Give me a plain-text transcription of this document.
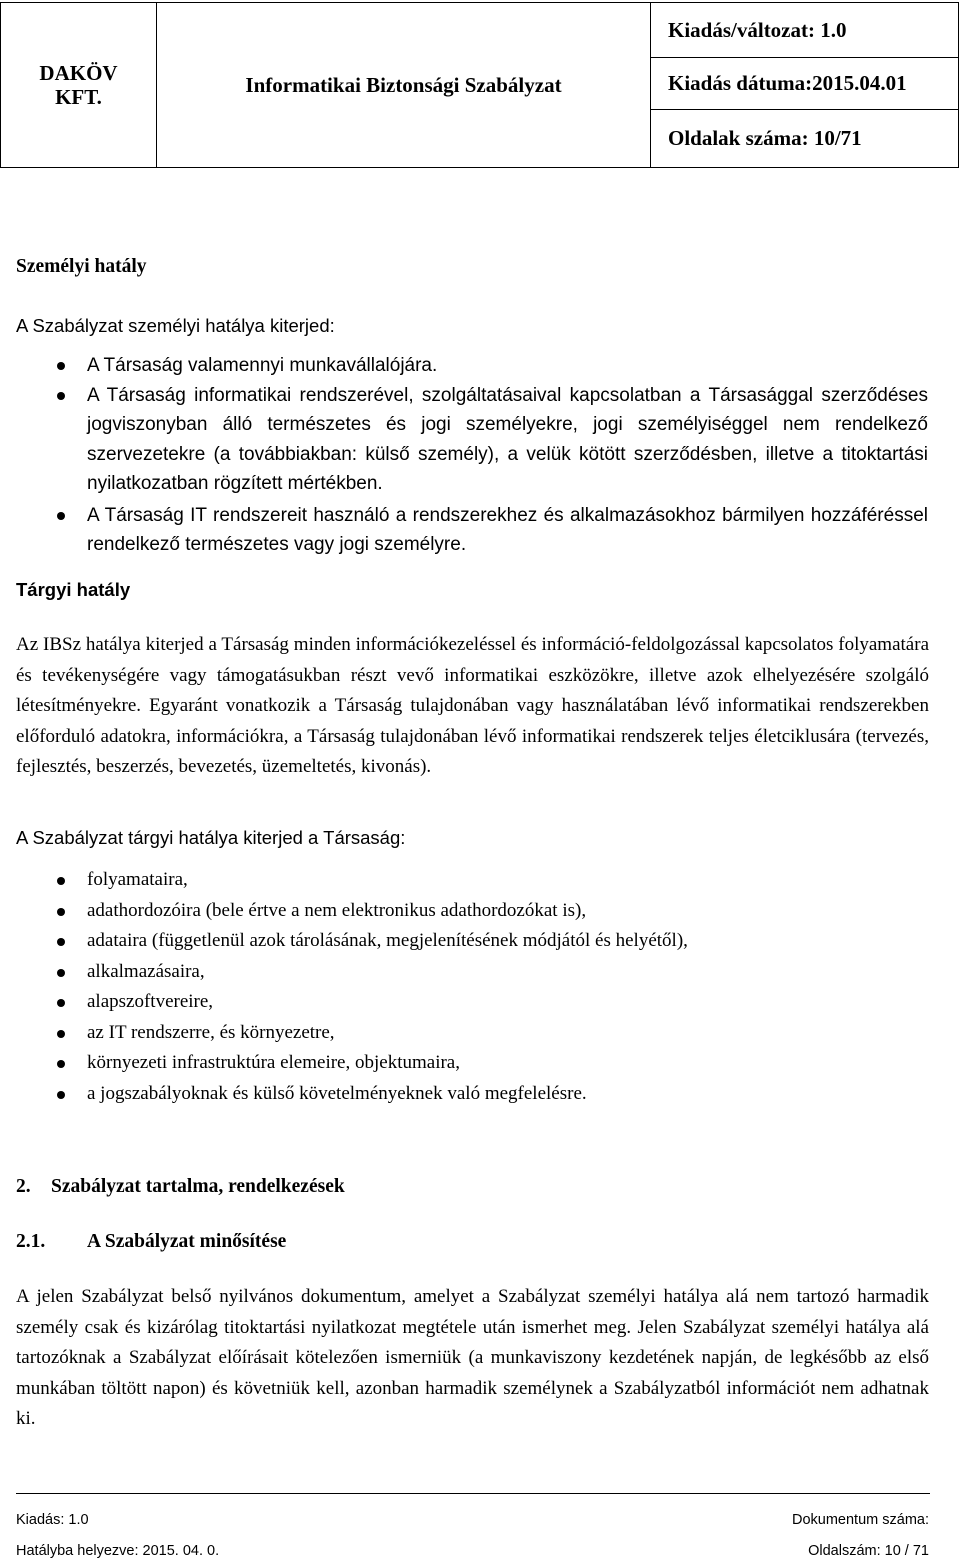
DAKÖV
KFT.
	Informatikai Biztonsági Szabályzat	Kiadás/változat: 1.0
Kiadás dátuma:2015.04.01
Oldalak száma: 10/71
Személyi hatály
A Szabályzat személyi hatálya kiterjed:
A Társaság valamennyi munkavállalójára.
A Társaság informatikai rendszerével, szolgáltatásaival kapcsolatban a Társasággal szerződéses jogviszonyban álló természetes és jogi személyekre, jogi személyiséggel nem rendelkező szervezetekre (a továbbiakban: külső személy), a velük kötött szerződésben, illetve a titoktartási nyilatkozatban rögzített mértékben.
A Társaság IT rendszereit használó a rendszerekhez és alkalmazásokhoz bármilyen hozzáféréssel rendelkező természetes vagy jogi személyre.
Tárgyi hatály
Az IBSz hatálya kiterjed a Társaság minden információkezeléssel és információ-feldolgozással kapcsolatos folyamatára és tevékenységére vagy támogatásukban részt vevő informatikai eszközökre, illetve azok elhelyezésére szolgáló létesítményekre. Egyaránt vonatkozik a Társaság tulajdonában vagy használatában lévő informatikai rendszerekben előforduló adatokra, információkra, a Társaság tulajdonában lévő informatikai rendszerek teljes életciklusára (tervezés, fejlesztés, beszerzés, bevezetés, üzemeltetés, kivonás).
A Szabályzat tárgyi hatálya kiterjed a Társaság:
folyamataira,
adathordozóira (bele értve a nem elektronikus adathordozókat is),
adataira (függetlenül azok tárolásának, megjelenítésének módjától és helyétől),
alkalmazásaira,
alapszoftvereire,
az IT rendszerre, és környezetre,
környezeti infrastruktúra elemeire, objektumaira,
a jogszabályoknak és külső követelményeknek való megfelelésre.
2. Szabályzat tartalma, rendelkezések
2.1. A Szabályzat minősítése
A jelen Szabályzat belső nyilvános dokumentum, amelyet a Szabályzat személyi hatálya alá nem tartozó harmadik személy csak és kizárólag titoktartási nyilatkozat megtétele után ismerhet meg. Jelen Szabályzat személyi hatálya alá tartozóknak a Szabályzat előírásait kötelezően ismerniük (a munkaviszony kezdetének napján, de legkésőbb az első munkában töltött napon) és követniük kell, azonban harmadik személynek a Szabályzatból információt nem adhatnak ki.
Kiadás: 1.0	Dokumentum száma:
Hatályba helyezve: 2015. 04. 0.	Oldalszám: 10 / 71
